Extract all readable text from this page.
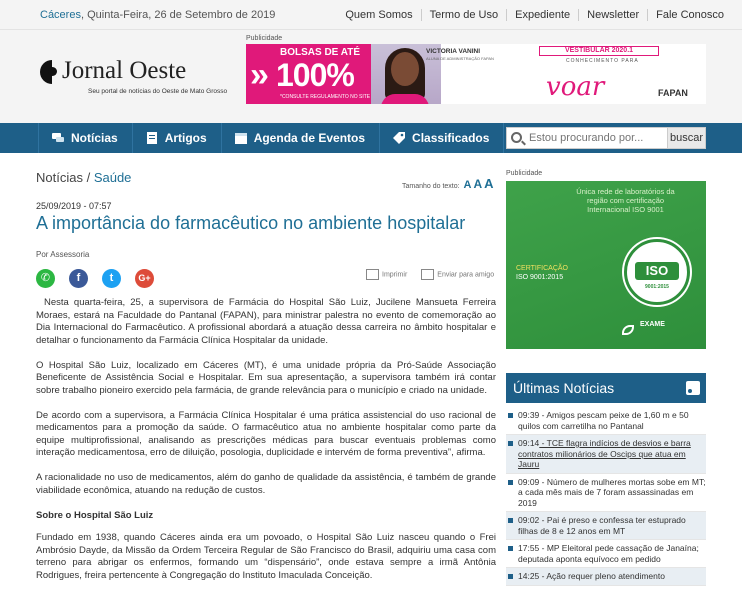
Cáceres, Quinta-Feira, 26 de Setembro de 2019	Quem Somos	Termo de Uso	Expediente	Newsletter	Fale Conosco
Jornal Oeste
Seu portal de notícias do Oeste de Mato Grosso
Publicidade
»
BOLSAS DE ATÉ
100%
*CONSULTE REGULAMENTO NO SITE
VICTORIA VANINI
ALUNA DE ADMINISTRAÇÃO FAPAN
VESTIBULAR 2020.1
CONHECIMENTO PARA
voar	FAPAN
Notícias	Artigos	Agenda de Eventos	Classificados
Estou procurando por...	buscar
Notícias / Saúde
Tamanho do texto: A A A
25/09/2019 - 07:57
A importância do farmacêutico no ambiente hospitalar
Por Assessoria
✆	f	t	G+	Imprimir	Enviar para amigo

Nesta quarta-feira, 25, a supervisora de Farmácia do Hospital São Luiz, Jucilene Mansueta Ferreira Moraes, estará na Faculdade do Pantanal (FAPAN), para ministrar palestra no evento de comemoração ao Dia Internacional do Farmacêutico. A profissional abordará a atuação dessa carreira no âmbito hospitalar e detalhar o funcionamento da Farmácia Clínica Hospitalar da unidade.

O Hospital São Luiz, localizado em Cáceres (MT), é uma unidade própria da Pró-Saúde Associação Beneficente de Assistência Social e Hospitalar. Em sua apresentação, a supervisora também irá contar sobre trabalho pioneiro exercido pela farmácia, de grande relevância para o município e criado na unidade.

De acordo com a supervisora, a Farmácia Clínica Hospitalar é uma prática assistencial do uso racional de medicamentos para a promoção da saúde. O farmacêutico atua no ambiente hospitalar como parte da equipe multiprofissional, analisando as prescrições médicas para buscar eventuais problemas como interação medicamentosa, erro de diluição, posologia, duplicidade e intervém de forma preventiva”, afirma.

A racionalidade no uso de medicamentos, além do ganho de qualidade da assistência, é também de grande viabilidade econômica, atuando na redução de custos.

Sobre o Hospital São Luiz

Fundado em 1938, quando Cáceres ainda era um povoado, o Hospital São Luiz nasceu quando o Frei Ambrósio Dayde, da Missão da Ordem Terceira Regular de São Francisco do Brasil, adquiriu uma casa com terreno para abrigar os enfermos, formando um “dispensário”, onde estava sempre a irmã Antônia Rodrigues, freira pertencente à Congregação do Instituto Imaculada Conceição.

Publicidade
Única rede de laboratórios da região com certificação Internacional ISO 9001
CERTIFICAÇÃO
ISO 9001:2015	ISO
9001:2015
EXAME
Últimas Notícias
09:39 - Amigos pescam peixe de 1,60 m e 50 quilos com carretilha no Pantanal
09:14 - TCE flagra indícios de desvios e barra contratos milionários de Oscips que atua em Jauru
09:09 - Número de mulheres mortas sobe em MT; a cada mês mais de 7 foram assassinadas em 2019
09:02 - Pai é preso e confessa ter estuprado filhas de 8 e 12 anos em MT
17:55 - MP Eleitoral pede cassação de Janaína; deputada aponta equívoco em pedido
14:25 - Ação requer pleno atendimento
